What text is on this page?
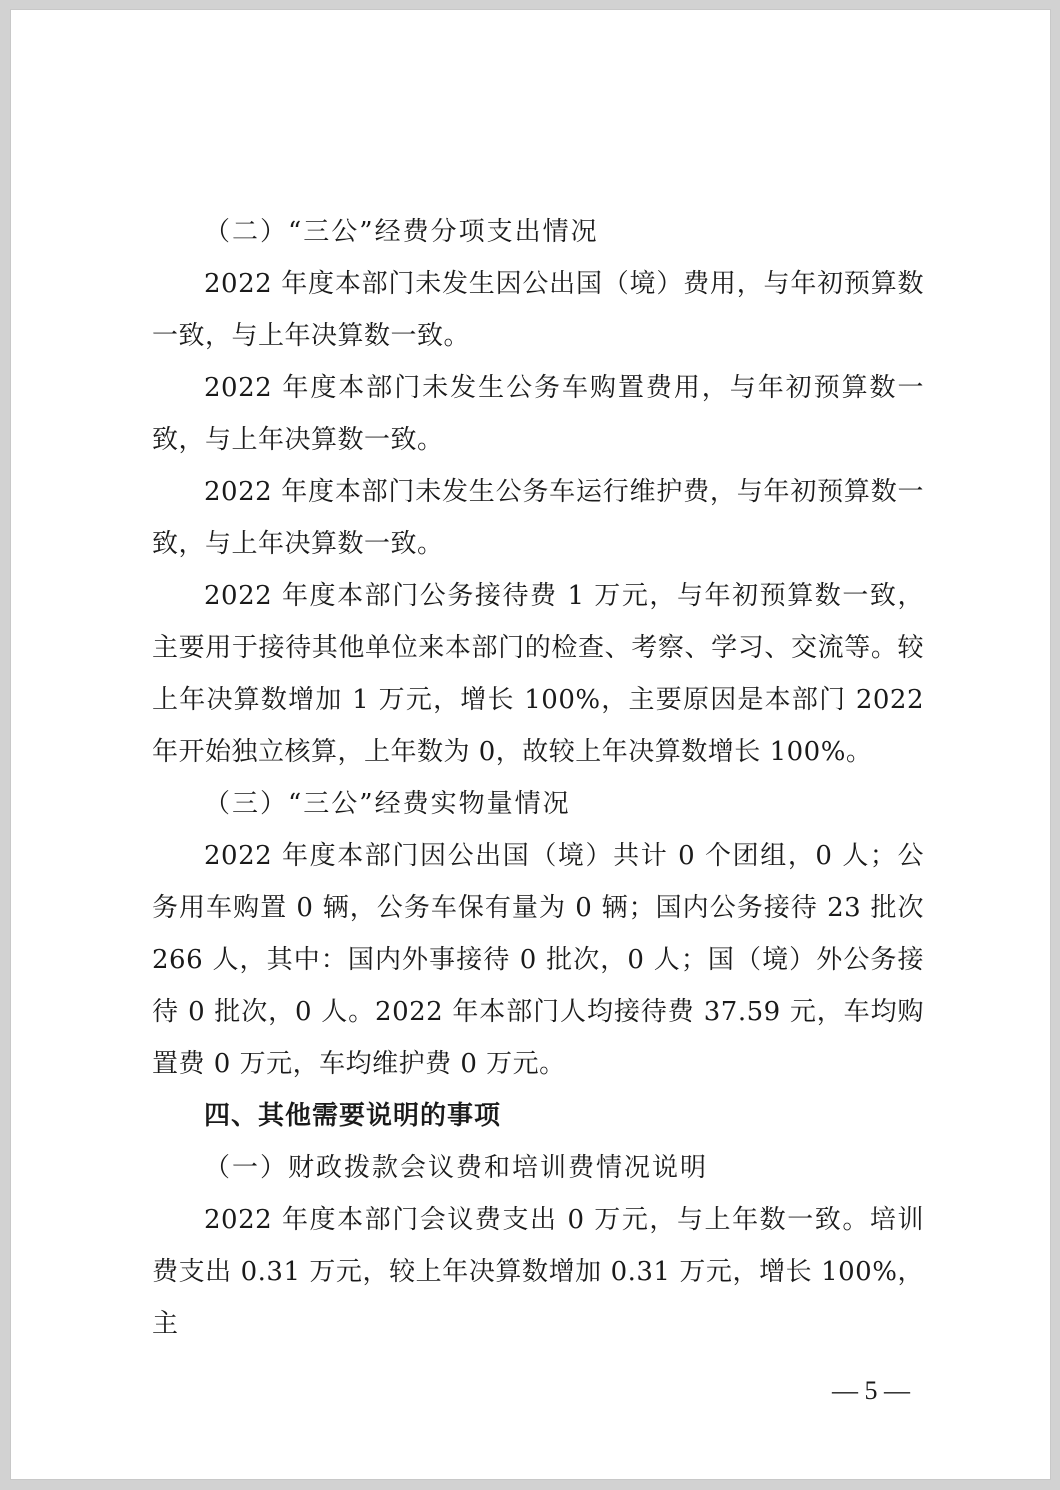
（二）“三公”经费分项支出情况

2022 年度本部门未发生因公出国（境）费用，与年初预算数一致，与上年决算数一致。

2022 年度本部门未发生公务车购置费用，与年初预算数一致，与上年决算数一致。

2022 年度本部门未发生公务车运行维护费，与年初预算数一致，与上年决算数一致。

2022 年度本部门公务接待费 1 万元，与年初预算数一致，主要用于接待其他单位来本部门的检查、考察、学习、交流等。较上年决算数增加 1 万元，增长 100%，主要原因是本部门 2022 年开始独立核算，上年数为 0，故较上年决算数增长 100%。

（三）“三公”经费实物量情况

2022 年度本部门因公出国（境）共计 0 个团组，0 人；公务用车购置 0 辆，公务车保有量为 0 辆；国内公务接待 23 批次 266 人，其中：国内外事接待 0 批次，0 人；国（境）外公务接待 0 批次，0 人。2022 年本部门人均接待费 37.59 元，车均购置费 0 万元，车均维护费 0 万元。

四、其他需要说明的事项

（一）财政拨款会议费和培训费情况说明

2022 年度本部门会议费支出 0 万元，与上年数一致。培训费支出 0.31 万元，较上年决算数增加 0.31 万元，增长 100%，主

— 5 —
